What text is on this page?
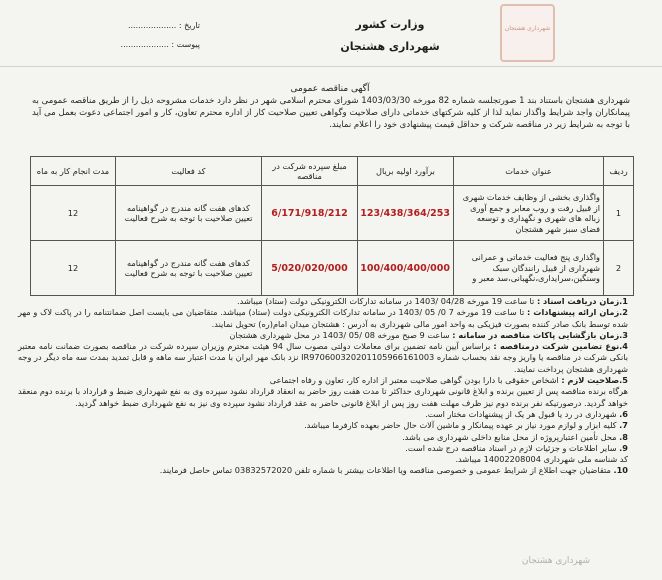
شهرداری هشتجان
وزارت کشور
شهرداری هشتجان
تاریخ : ...................
پیوست : ...................
آگهی مناقصه عمومی
شهرداری هشتجان باستناد بند 1 صورتجلسه شماره 82 مورخه 1403/03/30 شورای محترم اسلامی شهر در نظر دارد خدمات مشروحه ذیل را از طریق مناقصه عمومی به پیمانکاران واجد شرایط واگذار نماید لذا از کلیه شرکتهای خدماتی دارای صلاحیت وگواهی تعیین صلاحیت کار از اداره محترم تعاون، کار و امور اجتماعی دعوت بعمل می آید با توجه به شرایط زیر در مناقصه شرکت و حداقل قیمت پیشنهادی خود را اعلام نمایند.
ردیف	عنوان خدمات	برآورد اولیه بریال	مبلغ سپرده شرکت در مناقصه	کد فعالیت	مدت انجام کار به ماه
1	واگذاری بخشی از وظایف خدمات شهری از قبیل رفت و روب معابر و جمع آوری زباله های شهری و نگهداری و توسعه فضای سبز شهر هشتجان	123/438/364/253	6/171/918/212	کدهای هفت گانه مندرج در گواهینامه تعیین صلاحیت با توجه به شرح فعالیت	12
2	واگذاری پنج فعالیت خدماتی و عمرانی شهرداری از قبیل رانندگان سبک وسنگین،سرایداری،نگهبانی،سد معبر و	100/400/400/000	5/020/020/000	کدهای هفت گانه مندرج در گواهینامه تعیین صلاحیت با توجه به شرح فعالیت	12

1.زمان دریافت اسناد : تا ساعت 19 مورخه 04/28 /1403 در سامانه تدارکات الکترونیکی دولت (ستاد) میباشد.

2.زمان ارائه پیشنهادات : تا ساعت 19 مورخه 7 0/ 05 /1403 در سامانه تدارکات الکترونیکی دولت (ستاد) میباشد. متقاضیان می بایست اصل ضمانتنامه را در پاکت لاک و مهر شده توسط بانک صادر کننده بصورت فیزیکی به واحد امور مالی شهرداری به آدرس : هشتجان میدان امام(ره) تحویل نمایند.

3.زمان بازگشایی پاکات مناقصه در سامانه : ساعت 9 صبح مورخه 08 /05 /1403 در محل شهرداری هشتجان

4.نوع تضامین شرکت درمناقصه : براساس آیین نامه تضمین برای معاملات دولتی مصوب سال 94 هیئت محترم وزیران سپرده شرکت در مناقصه بصورت ضمانت نامه معتبر بانکی شرکت در مناقصه یا واریز وجه نقد بحساب شماره IR970600320201105966161003 نزد بانک مهر ایران با مدت اعتبار سه ماهه و قابل تمدید بمدت سه ماه دیگر در وجه شهرداری هشتجان پرداخت نمایند.

5.صلاحیت لازم : اشخاص حقوقی با دارا بودن گواهی صلاحیت معتبر از اداره کار، تعاون و رفاه اجتماعی

هرگاه برنده مناقصه پس از تعیین برنده و ابلاغ قانونی شهرداری حداکثر تا مدت هفت روز حاضر به انعقاد قرارداد نشود سپرده وی به نفع شهرداری ضبط و قرارداد با برنده دوم منعقد خواهد گردید. درصورتیکه نفر برنده دوم نیز ظرف مهلت هفت روز پس از ابلاغ قانونی حاضر به عقد قرارداد نشود سپرده وی نیز به نفع شهرداری ضبط خواهد گردید.

6. شهرداری در رد یا قبول هر یک از پیشنهادات مختار است.

7. کلیه ابزار و لوازم مورد نیاز بر عهده پیمانکار و ماشین آلات حال حاضر بعهده کارفرما میباشد.

8. محل تأمین اعتبارپروژه از محل منابع داخلی شهرداری می باشد.

9. سایر اطلاعات و جزئیات لازم در اسناد مناقصه درج شده است.

کد شناسه ملی شهرداری 14002208004 میباشد.

10. متقاضیان جهت اطلاع از شرایط عمومی و خصوصی مناقصه ویا اطلاعات بیشتر با شماره تلفن 03832572020 تماس حاصل فرمایند.

شهرداری هشتجان
